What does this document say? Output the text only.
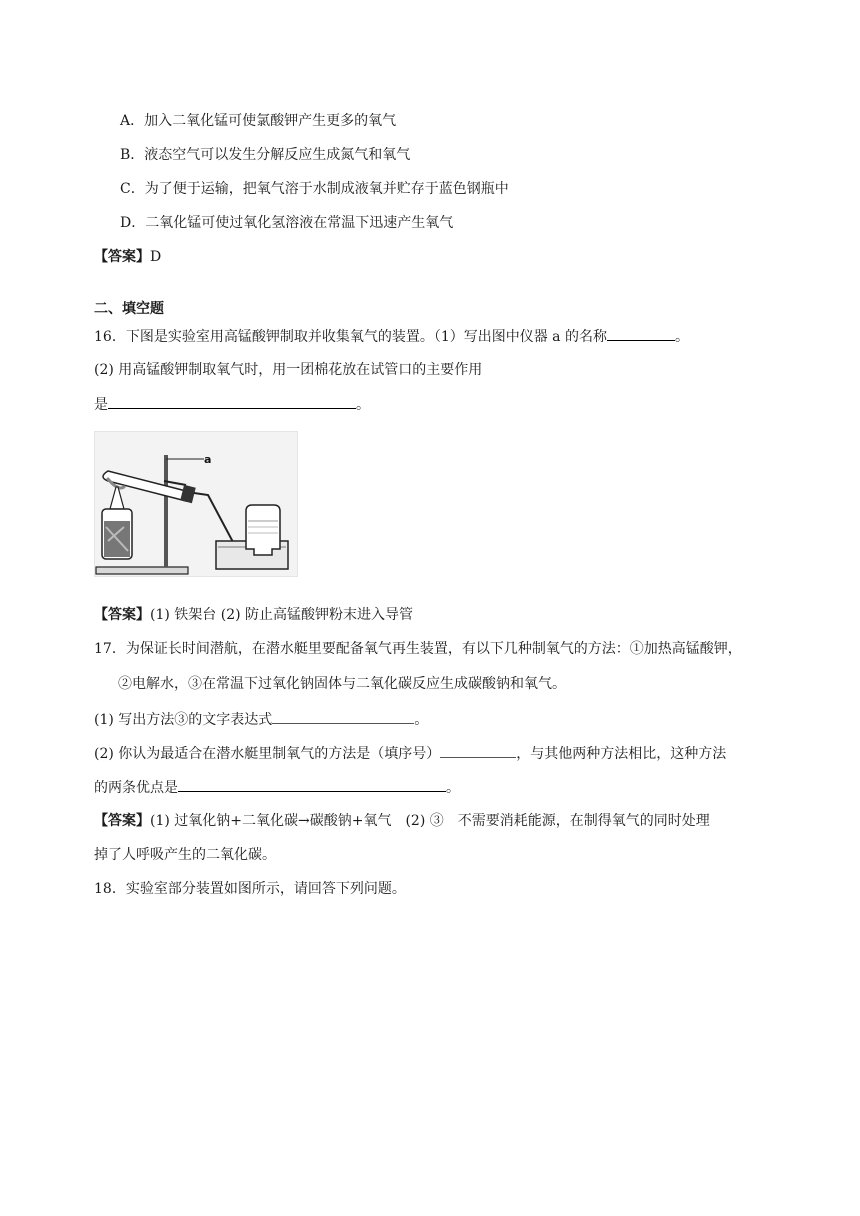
A．加入二氧化锰可使氯酸钾产生更多的氧气
B．液态空气可以发生分解反应生成氮气和氧气
C．为了便于运输，把氧气溶于水制成液氧并贮存于蓝色钢瓶中
D．二氧化锰可使过氧化氢溶液在常温下迅速产生氧气
【答案】D
二、填空题
16．下图是实验室用高锰酸钾制取并收集氧气的装置。（1）写出图中仪器 a 的名称	。
(2) 用高锰酸钾制取氧气时，用一团棉花放在试管口的主要作用
是	。
a
【答案】(1) 铁架台 (2) 防止高锰酸钾粉末进入导管
17．为保证长时间潜航，在潜水艇里要配备氧气再生装置，有以下几种制氧气的方法：①加热高锰酸钾，
②电解水，③在常温下过氧化钠固体与二氧化碳反应生成碳酸钠和氧气。
(1) 写出方法③的文字表达式	。
(2) 你认为最适合在潜水艇里制氧气的方法是（填序号）	，与其他两种方法相比，这种方法
的两条优点是	。
【答案】(1) 过氧化钠+二氧化碳→碳酸钠+氧气　(2) ③　不需要消耗能源，在制得氧气的同时处理
掉了人呼吸产生的二氧化碳。
18．实验室部分装置如图所示，请回答下列问题。
